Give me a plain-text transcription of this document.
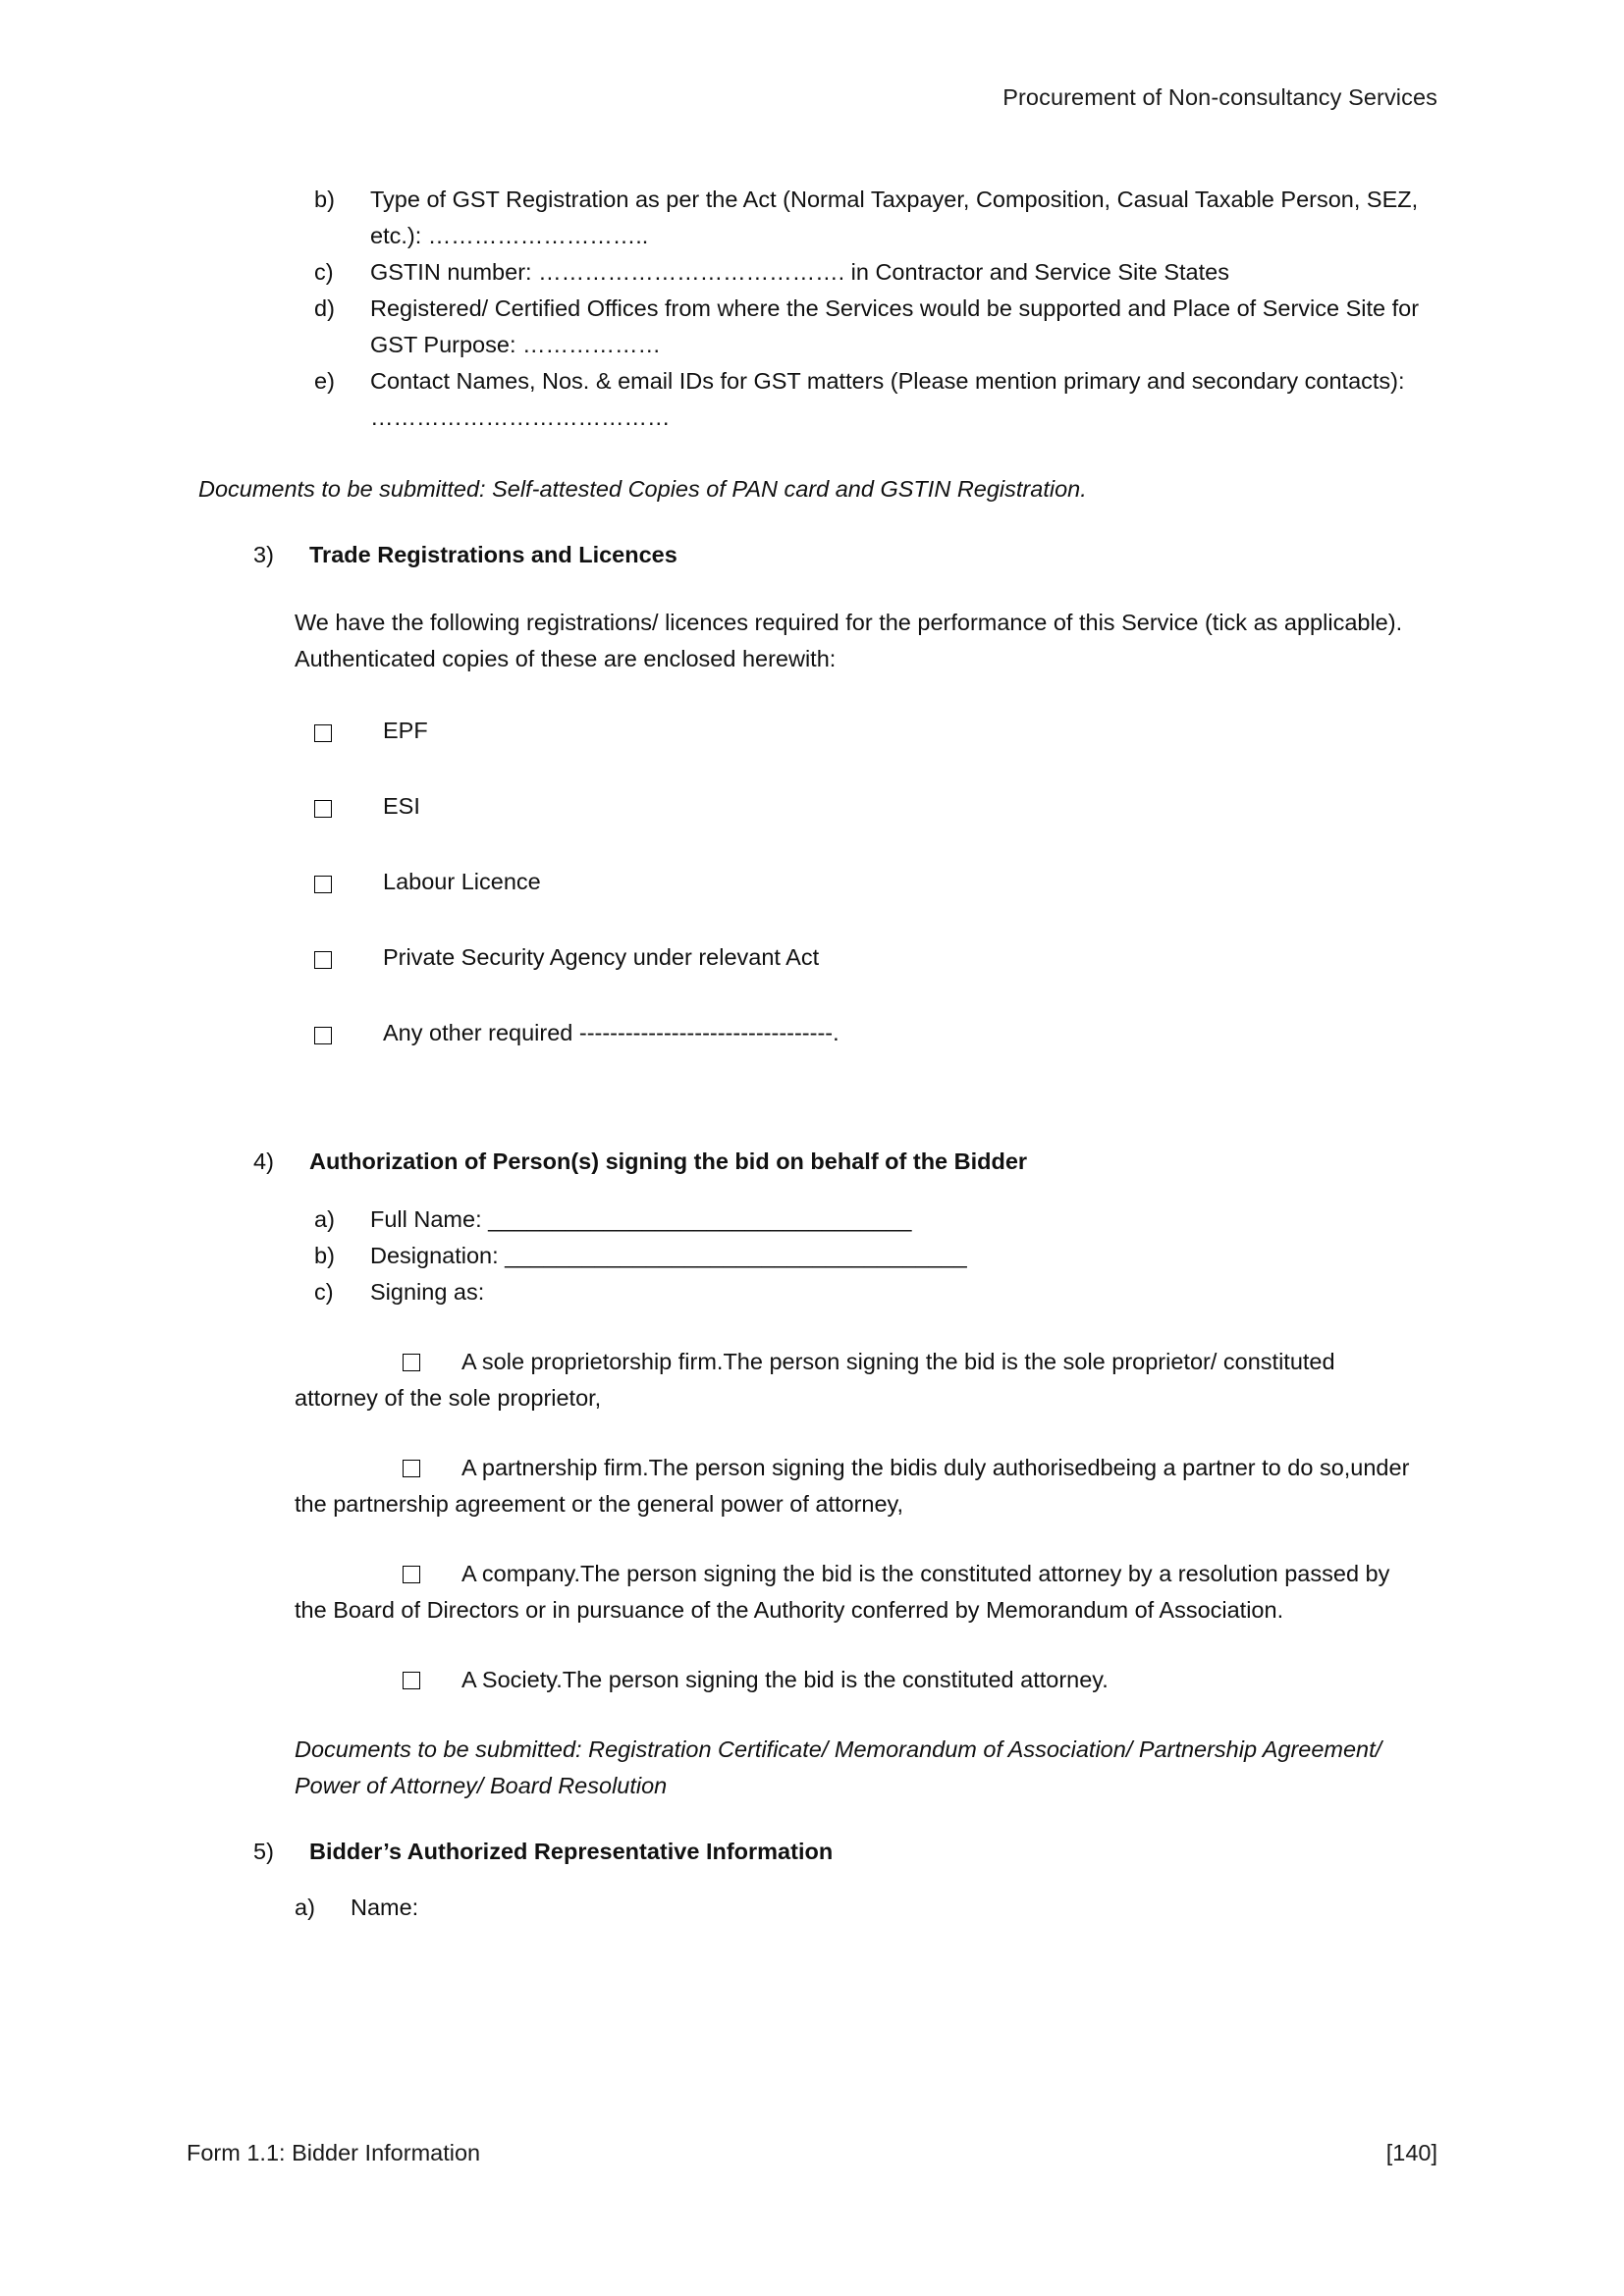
Procurement of Non-consultancy Services
b)	Type of GST Registration as per the Act (Normal Taxpayer, Composition, Casual Taxable Person, SEZ, etc.): ………………………..
c)	GSTIN number: …………………………………. in Contractor and Service Site States
d)	Registered/ Certified Offices from where the Services would be supported and Place of Service Site for GST Purpose: ………………
e)	Contact Names, Nos. & email IDs for GST matters (Please mention primary and secondary contacts): …………………………………
Documents to be submitted: Self-attested Copies of PAN card and GSTIN Registration.
3)	Trade Registrations and Licences
We have the following registrations/ licences required for the performance of this Service (tick as applicable). Authenticated copies of these are enclosed herewith:
EPF
ESI
Labour Licence
Private Security Agency under relevant Act
Any other required ---------------------------------.
4)	Authorization of Person(s) signing the bid on behalf of the Bidder
a)	Full Name: _________________________________
b)	Designation: ____________________________________
c)	Signing as:
A sole proprietorship firm.The person signing the bid is the sole proprietor/ constituted attorney of the sole proprietor,
A partnership firm.The person signing the bidis duly authorisedbeing a partner to do so,under the partnership agreement or the general power of attorney,
A company.The person signing the bid is the constituted attorney by a resolution passed by the Board of Directors or in pursuance of the Authority conferred by Memorandum of Association.
A Society.The person signing the bid is the constituted attorney.
Documents to be submitted: Registration Certificate/ Memorandum of Association/ Partnership Agreement/ Power of Attorney/ Board Resolution
5)	Bidder’s Authorized Representative Information
a)	Name:
Form 1.1: Bidder Information	[140]
